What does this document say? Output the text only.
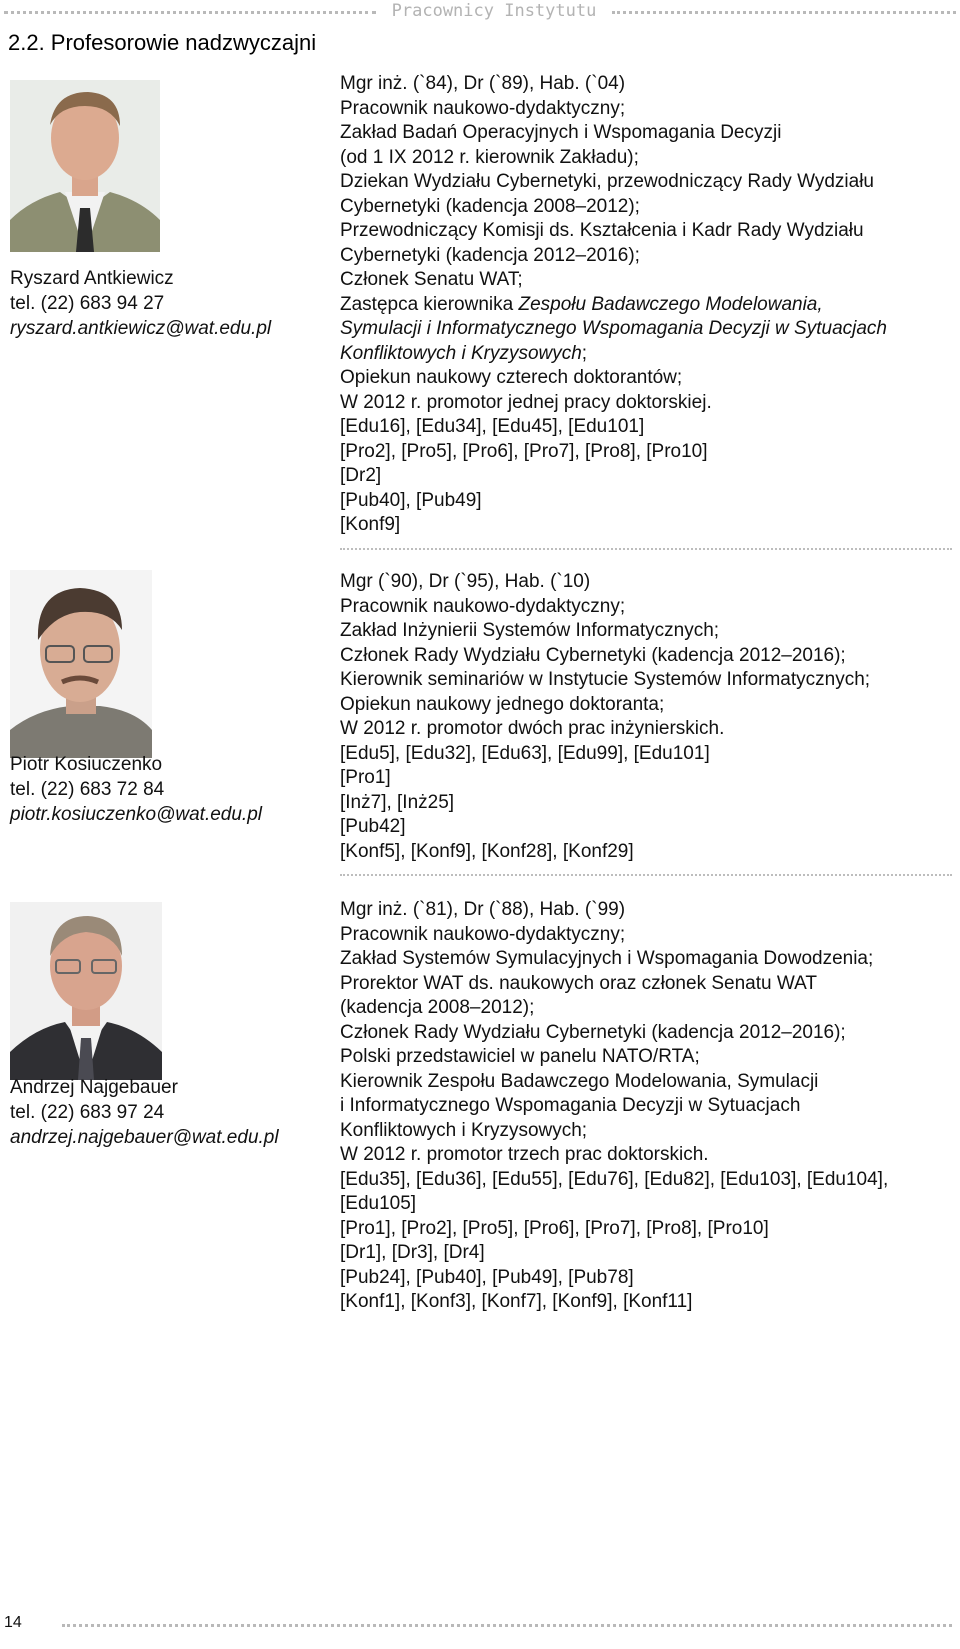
Pracownicy Instytutu
2.2. Profesorowie nadzwyczajni
Ryszard Antkiewicz
tel. (22) 683 94 27
ryszard.antkiewicz@wat.edu.pl
Mgr inż. (`84), Dr (`89), Hab. (`04)
Pracownik naukowo-dydaktyczny;
Zakład Badań Operacyjnych i Wspomagania Decyzji
(od 1 IX 2012 r. kierownik Zakładu);
Dziekan Wydziału Cybernetyki, przewodniczący Rady Wydziału
Cybernetyki (kadencja 2008–2012);
Przewodniczący Komisji ds. Kształcenia i Kadr Rady Wydziału
Cybernetyki (kadencja 2012–2016);
Członek Senatu WAT;
Zastępca kierownika Zespołu Badawczego Modelowania,
Symulacji i Informatycznego Wspomagania Decyzji w Sytuacjach
Konfliktowych i Kryzysowych;
Opiekun naukowy czterech doktorantów;
W 2012 r. promotor jednej pracy doktorskiej.
[Edu16], [Edu34], [Edu45], [Edu101]
[Pro2], [Pro5], [Pro6], [Pro7], [Pro8], [Pro10]
[Dr2]
[Pub40], [Pub49]
[Konf9]
Piotr Kosiuczenko
tel. (22) 683 72 84
piotr.kosiuczenko@wat.edu.pl
Mgr (`90), Dr (`95), Hab. (`10)
Pracownik naukowo-dydaktyczny;
Zakład Inżynierii Systemów Informatycznych;
Członek Rady Wydziału Cybernetyki (kadencja 2012–2016);
Kierownik seminariów w Instytucie Systemów Informatycznych;
Opiekun naukowy jednego doktoranta;
W 2012 r. promotor dwóch prac inżynierskich.
[Edu5], [Edu32], [Edu63], [Edu99], [Edu101]
[Pro1]
[Inż7], [Inż25]
[Pub42]
[Konf5], [Konf9], [Konf28], [Konf29]
Andrzej Najgebauer
tel. (22) 683 97 24
andrzej.najgebauer@wat.edu.pl
Mgr inż. (`81), Dr (`88), Hab. (`99)
Pracownik naukowo-dydaktyczny;
Zakład Systemów Symulacyjnych i Wspomagania Dowodzenia;
Prorektor WAT ds. naukowych oraz członek Senatu WAT
(kadencja 2008–2012);
Członek Rady Wydziału Cybernetyki (kadencja 2012–2016);
Polski przedstawiciel w panelu NATO/RTA;
Kierownik Zespołu Badawczego Modelowania, Symulacji
i Informatycznego Wspomagania Decyzji w Sytuacjach
Konfliktowych i Kryzysowych;
W 2012 r. promotor trzech prac doktorskich.
[Edu35], [Edu36], [Edu55], [Edu76], [Edu82], [Edu103], [Edu104],
[Edu105]
[Pro1], [Pro2], [Pro5], [Pro6], [Pro7], [Pro8], [Pro10]
[Dr1], [Dr3], [Dr4]
[Pub24], [Pub40], [Pub49], [Pub78]
[Konf1], [Konf3], [Konf7], [Konf9], [Konf11]
14
